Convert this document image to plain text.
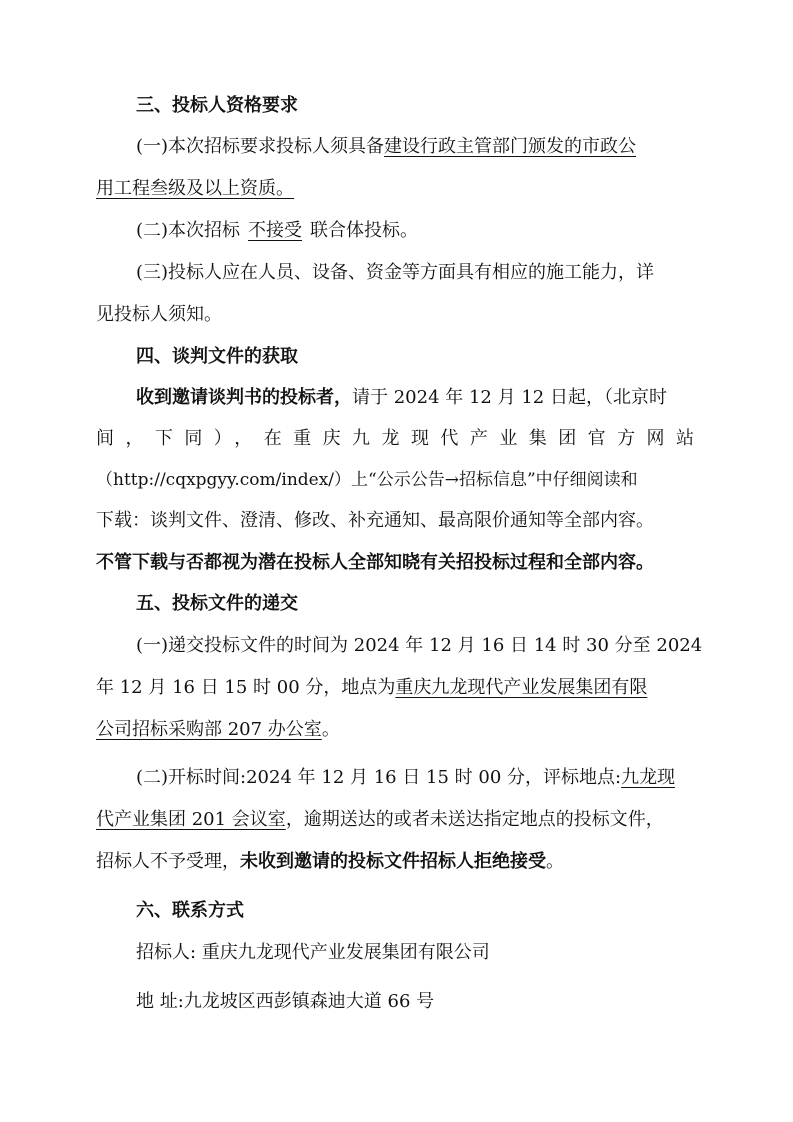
三、投标人资格要求
(一)本次招标要求投标人须具备建设行政主管部门颁发的市政公
用工程叁级及以上资质。
(二)本次招标 不接受 联合体投标。
(三)投标人应在人员、设备、资金等方面具有相应的施工能力，详
见投标人须知。
四、谈判文件的获取
收到邀请谈判书的投标者，请于 2024 年 12 月 12 日起，（北京时
间，下同），在重庆九龙现代产业集团官方网站
（http://cqxpgyy.com/index/）上“公示公告→招标信息”中仔细阅读和
下载：谈判文件、澄清、修改、补充通知、最高限价通知等全部内容。
不管下载与否都视为潜在投标人全部知晓有关招投标过程和全部内容。
五、投标文件的递交
(一)递交投标文件的时间为 2024 年 12 月 16 日 14 时 30 分至 2024
年 12 月 16 日 15 时 00 分，地点为重庆九龙现代产业发展集团有限
公司招标采购部 207 办公室。
(二)开标时间:2024 年 12 月 16 日 15 时 00 分，评标地点:九龙现
代产业集团 201 会议室，逾期送达的或者未送达指定地点的投标文件，
招标人不予受理，未收到邀请的投标文件招标人拒绝接受。
六、联系方式
招标人: 重庆九龙现代产业发展集团有限公司
地 址:九龙坡区西彭镇森迪大道 66 号
